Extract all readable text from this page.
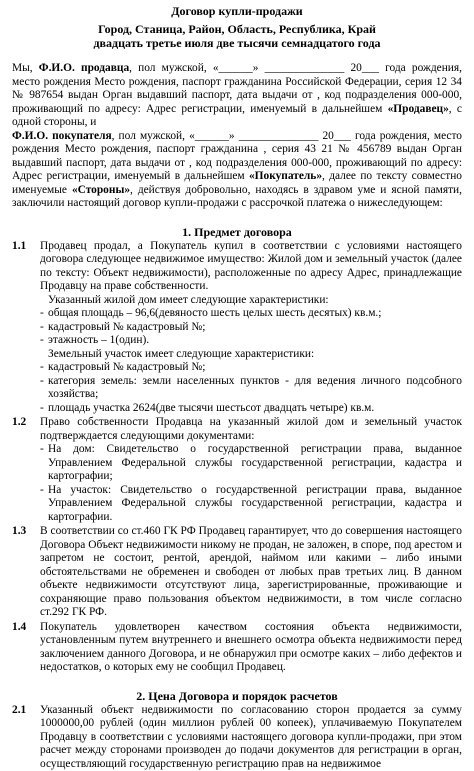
Договор купли-продажи
Город, Станица, Район, Область, Республика, Край
двадцать третье июля две тысячи семнадцатого года

Мы, Ф.И.О. продавца, пол мужской, «______» ______________ 20___ года рождения, место рождения Место рождения, паспорт гражданина Российской Федерации, серия 12 34 № 987654 выдан Орган выдавший паспорт, дата выдачи от , код подразделения 000-000, проживающий по адресу: Адрес регистрации, именуемый в дальнейшем «Продавец», с одной стороны, и

Ф.И.О. покупателя, пол мужской, «______» ______________ 20___ года рождения, место рождения Место рождения, паспорт гражданина , серия 43 21 № 456789 выдан Орган выдавший паспорт, дата выдачи от , код подразделения 000-000, проживающий по адресу: Адрес регистрации, именуемый в дальнейшем «Покупатель», далее по тексту совместно именуемые «Стороны», действуя добровольно, находясь в здравом уме и ясной памяти, заключили настоящий договор купли-продажи с рассрочкой платежа о нижеследующем:

1. Предмет договора
1.1	Продавец продал, а Покупатель купил в соответствии с условиями настоящего договора следующее недвижимое имущество: Жилой дом и земельный участок (далее по тексту: Объект недвижимости), расположенные по адресу Адрес, принадлежащие Продавцу на праве собственности.
Указанный жилой дом имеет следующие характеристики:
- общая площадь – 96,6(девяносто шесть целых шесть десятых) кв.м.;
- кадастровый № кадастровый №;
- этажность – 1(один).
Земельный участок имеет следующие характеристики:
- кадастровый № кадастровый №;
- категория земель: земли населенных пунктов - для ведения личного подсобного хозяйства;
- площадь участка 2624(две тысячи шестьсот двадцать четыре) кв.м.
1.2	Право собственности Продавца на указанный жилой дом и земельный участок подтверждается следующими документами:
- На дом: Свидетельство о государственной регистрации права, выданное Управлением Федеральной службы государственной регистрации, кадастра и картографии;
- На участок: Свидетельство о государственной регистрации права, выданное Управлением Федеральной службы государственной регистрации, кадастра и картографии.
1.3	В соответствии со ст.460 ГК РФ Продавец гарантирует, что до совершения настоящего Договора Объект недвижимости никому не продан, не заложен, в споре, под арестом и запретом не состоит, рентой, арендой, наймом или какими – либо иными обстоятельствами не обременен и свободен от любых прав третьих лиц. В данном объекте недвижимости отсутствуют лица, зарегистрированные, проживающие и сохраняющие право пользования объектом недвижимости, в том числе согласно ст.292 ГК РФ.
1.4	Покупатель удовлетворен качеством состояния объекта недвижимости, установленным путем внутреннего и внешнего осмотра объекта недвижимости перед заключением данного Договора, и не обнаружил при осмотре каких – либо дефектов и недостатков, о которых ему не сообщил Продавец.
2. Цена Договора и порядок расчетов
2.1	Указанный объект недвижимости по согласованию сторон продается за сумму 1000000,00 рублей (один миллион рублей 00 копеек), уплачиваемую Покупателем Продавцу в соответствии с условиями настоящего договора купли-продажи, при этом расчет между сторонами производен до подачи документов для регистрации в орган, осуществляющий государственную регистрацию прав на недвижимое
